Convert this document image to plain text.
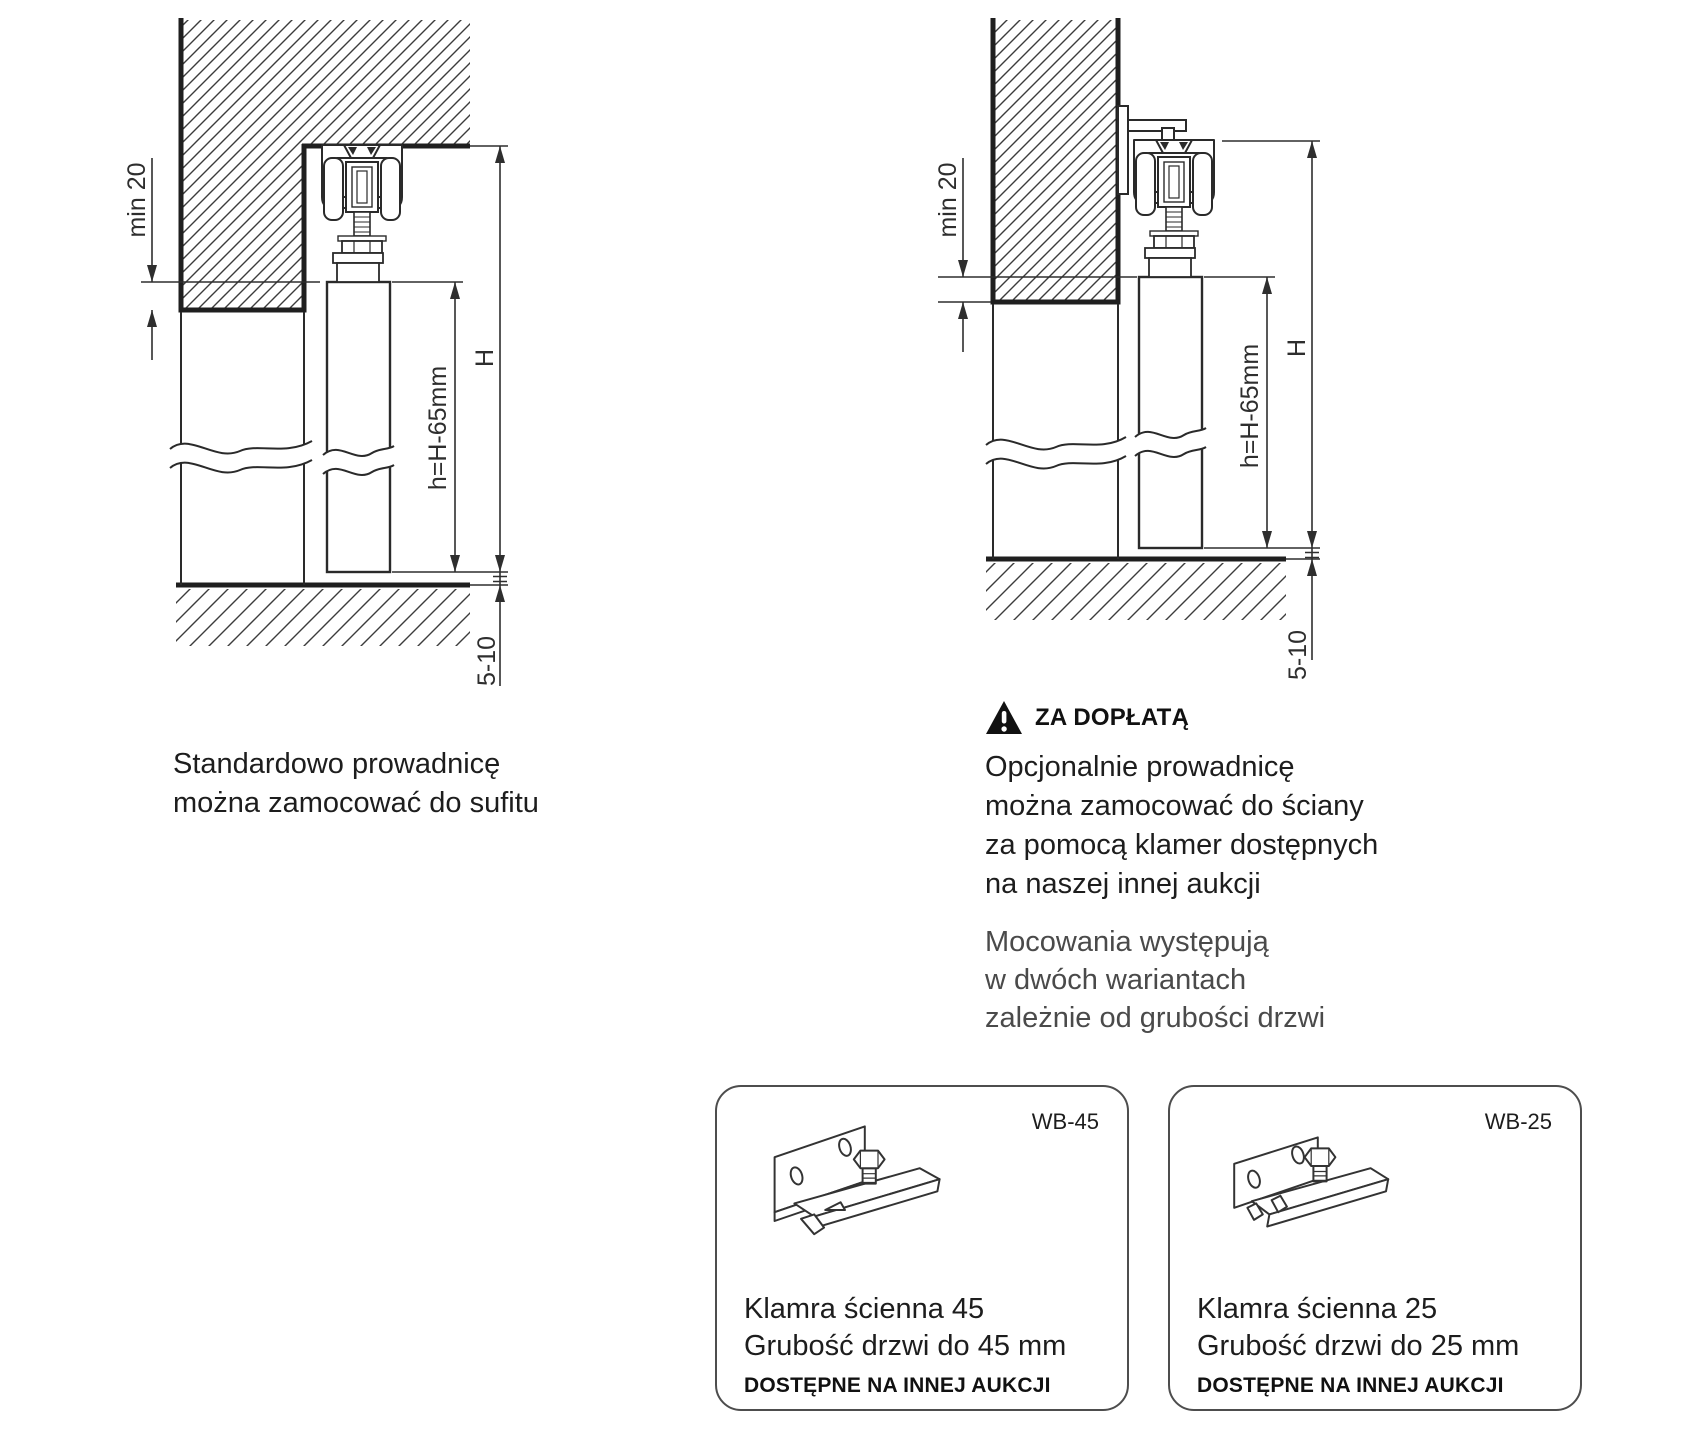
min 20
h=H-65mm
H
5-10
min 20
h=H-65mm H
5-10
Standardowo prowadnicę
można zamocować do sufitu
ZA DOPŁATĄ
Opcjonalnie prowadnicę
można zamocować do ściany
za pomocą klamer dostępnych
na naszej innej aukcji
Mocowania występują
w dwóch wariantach
zależnie od grubości drzwi
WB-45
Klamra ścienna 45
Grubość drzwi do 45 mm
DOSTĘPNE NA INNEJ AUKCJI
WB-25
Klamra ścienna 25
Grubość drzwi do 25 mm
DOSTĘPNE NA INNEJ AUKCJI
